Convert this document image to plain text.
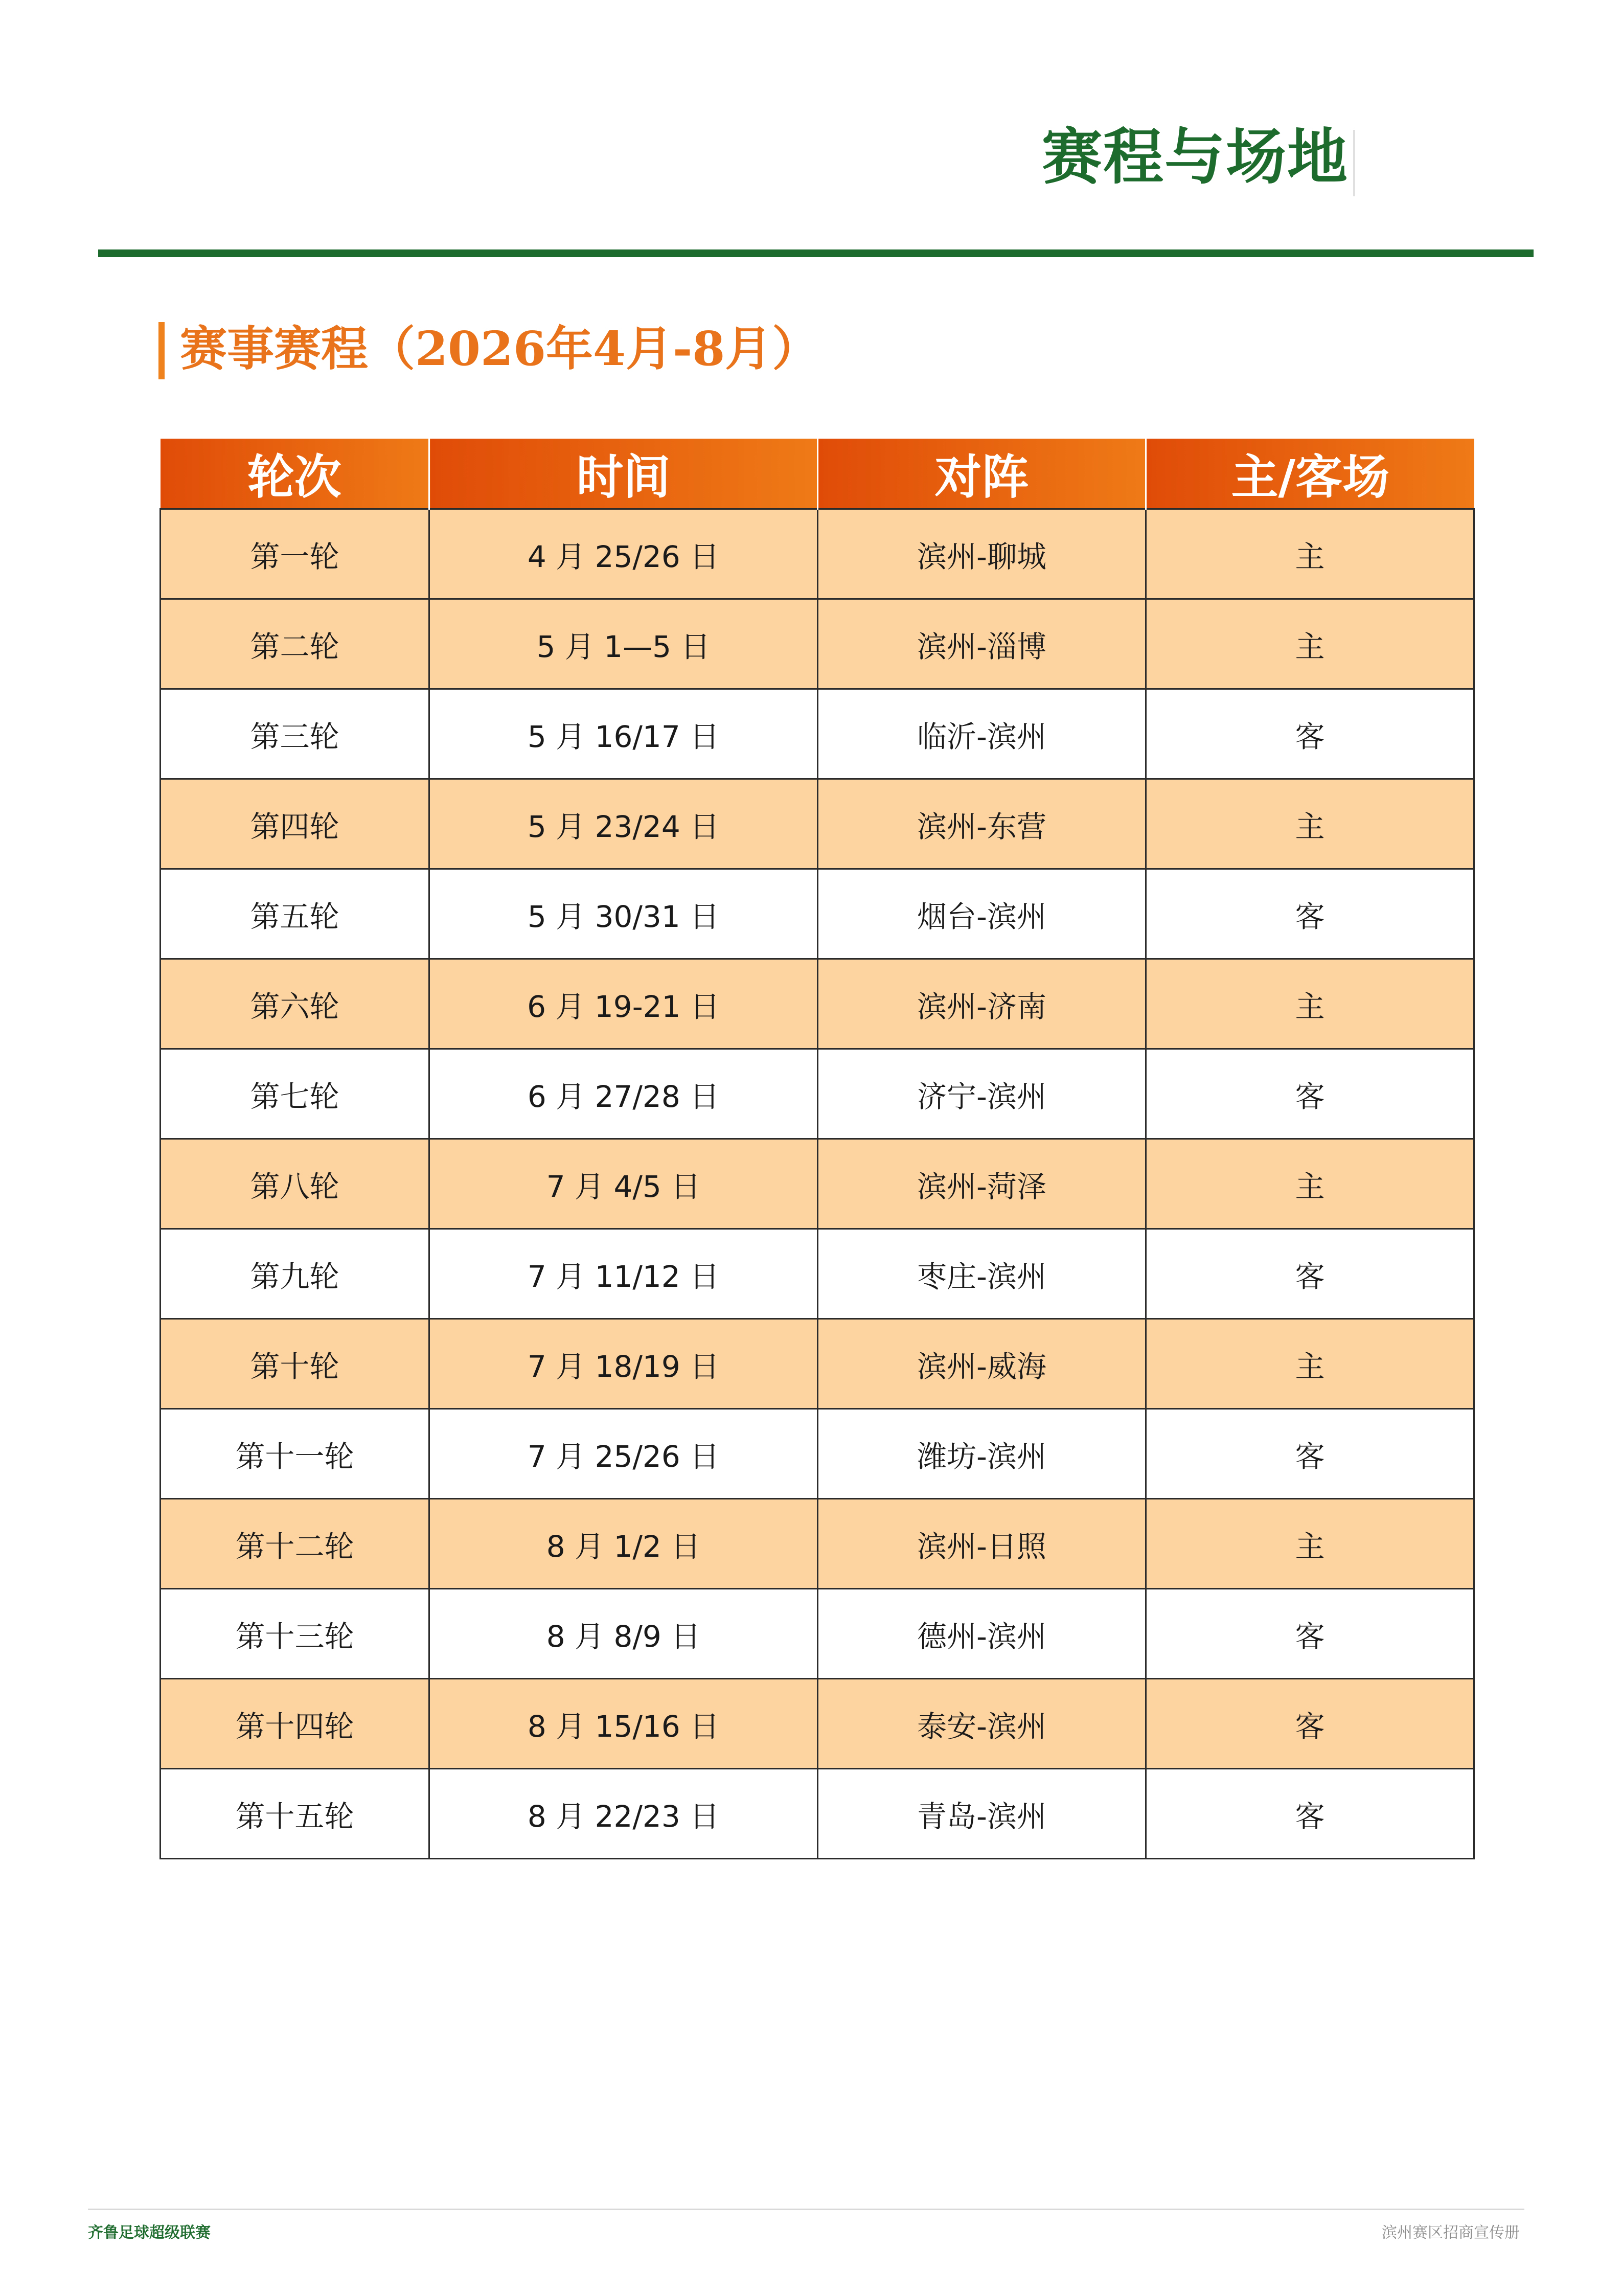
赛程与场地
赛事赛程（2026年4月-8月）
轮次	时间	对阵	主/客场
第一轮	4 月 25/26 日	滨州-聊城	主
第二轮	5 月 1—5 日	滨州-淄博	主
第三轮	5 月 16/17 日	临沂-滨州	客
第四轮	5 月 23/24 日	滨州-东营	主
第五轮	5 月 30/31 日	烟台-滨州	客
第六轮	6 月 19-21 日	滨州-济南	主
第七轮	6 月 27/28 日	济宁-滨州	客
第八轮	7 月 4/5 日	滨州-菏泽	主
第九轮	7 月 11/12 日	枣庄-滨州	客
第十轮	7 月 18/19 日	滨州-威海	主
第十一轮	7 月 25/26 日	潍坊-滨州	客
第十二轮	8 月 1/2 日	滨州-日照	主
第十三轮	8 月 8/9 日	德州-滨州	客
第十四轮	8 月 15/16 日	泰安-滨州	客
第十五轮	8 月 22/23 日	青岛-滨州	客
齐鲁足球超级联赛	滨州赛区招商宣传册
